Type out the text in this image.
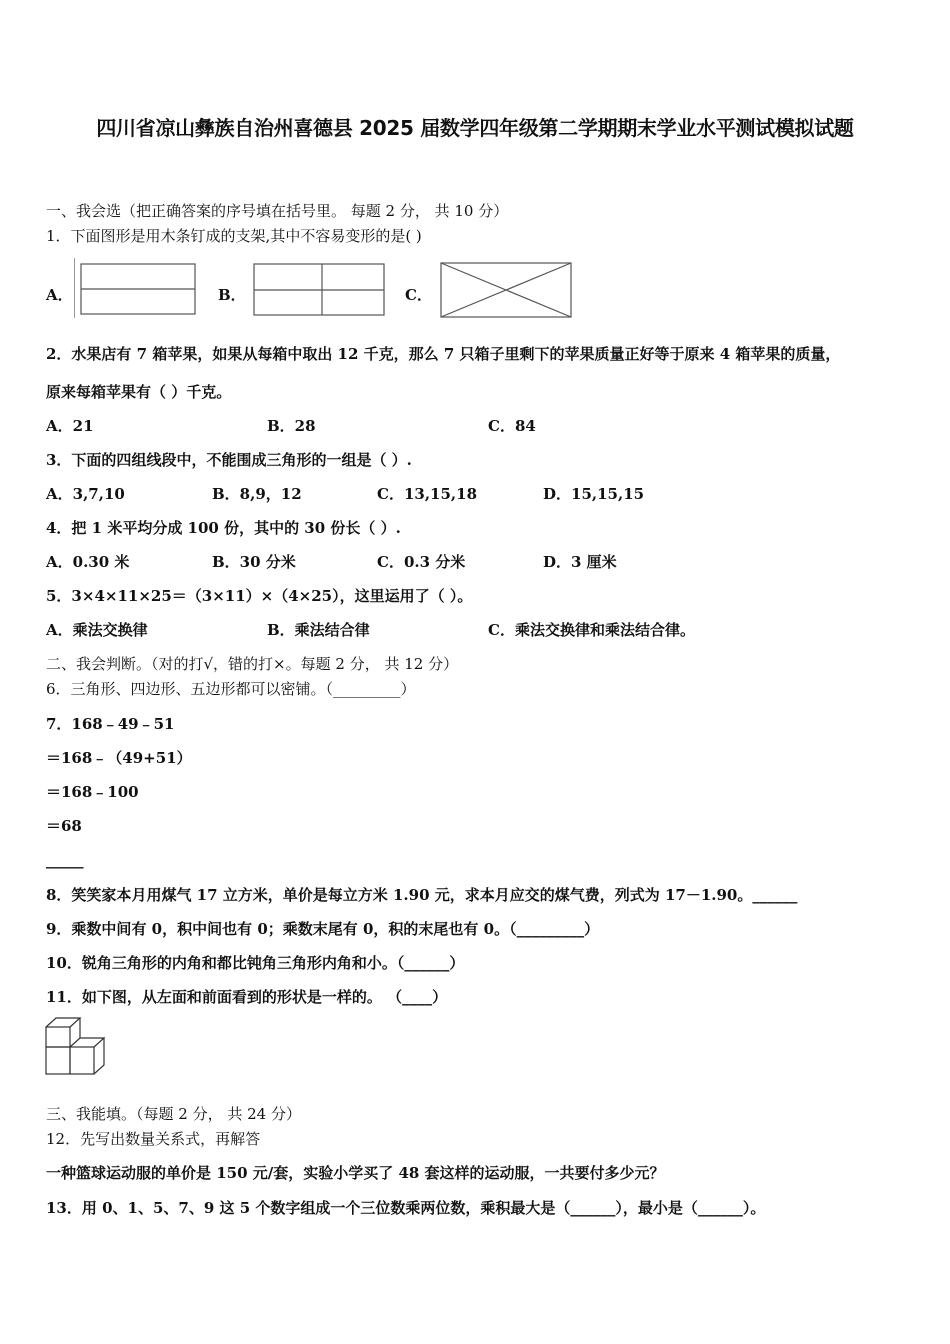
四川省凉山彝族自治州喜德县 2025 届数学四年级第二学期期末学业水平测试模拟试题
一、我会选（把正确答案的序号填在括号里。 每题 2 分， 共 10 分）
1．下面图形是用木条钉成的支架,其中不容易变形的是( )
A．	B．	C．
2．水果店有 7 箱苹果，如果从每箱中取出 12 千克，那么 7 只箱子里剩下的苹果质量正好等于原来 4 箱苹果的质量，
原来每箱苹果有（ ）千克。
A．21	B．28	C．84
3．下面的四组线段中，不能围成三角形的一组是（ ）.
A．3,7,10	B．8,9，12	C．13,15,18	D．15,15,15
4．把 1 米平均分成 100 份，其中的 30 份长（ ）.
A．0.30 米	B．30 分米	C．0.3 分米	D．3 厘米
5．3×4×11×25＝（3×11）×（4×25），这里运用了（ ）。
A．乘法交换律	B．乘法结合律	C．乘法交换律和乘法结合律。
二、我会判断。（对的打√，错的打×。每题 2 分， 共 12 分）
6．三角形、四边形、五边形都可以密铺。（_________）
7．168﹣49﹣51
＝168﹣（49+51）
＝168﹣100
＝68
_____
8．笑笑家本月用煤气 17 立方米，单价是每立方米 1.90 元，求本月应交的煤气费，列式为 17－1.90。______
9．乘数中间有 0，积中间也有 0；乘数末尾有 0，积的末尾也有 0。（_________）
10．锐角三角形的内角和都比钝角三角形内角和小。（______）
11．如下图，从左面和前面看到的形状是一样的。 （____）
三、我能填。（每题 2 分， 共 24 分）
12．先写出数量关系式，再解答
一种篮球运动服的单价是 150 元/套，实验小学买了 48 套这样的运动服，一共要付多少元？
13．用 0、1、5、7、9 这 5 个数字组成一个三位数乘两位数，乘积最大是（______），最小是（______）。
